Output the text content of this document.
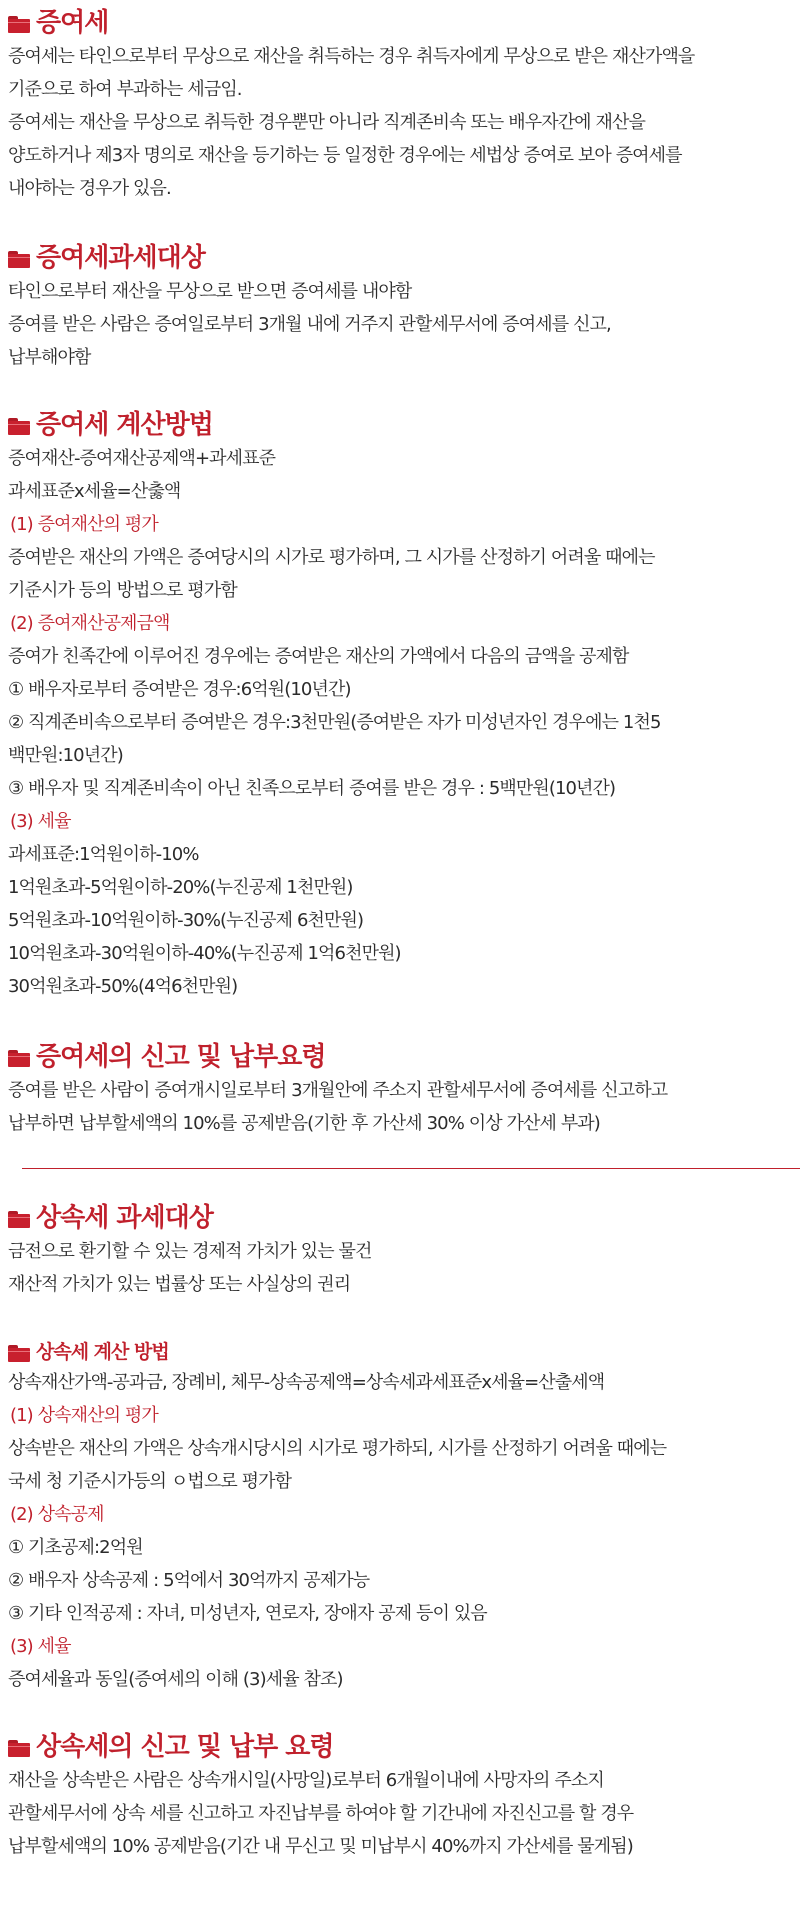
증여세
증여세는 타인으로부터 무상으로 재산을 취득하는 경우 취득자에게 무상으로 받은 재산가액을
기준으로 하여 부과하는 세금임.
증여세는 재산을 무상으로 취득한 경우뿐만 아니라 직계존비속 또는 배우자간에 재산을
양도하거나 제3자 명의로 재산을 등기하는 등 일정한 경우에는 세법상 증여로 보아 증여세를
내야하는 경우가 있음.
증여세과세대상
타인으로부터 재산을 무상으로 받으면 증여세를 내야함
증여를 받은 사람은 증여일로부터 3개월 내에 거주지 관할세무서에 증여세를 신고,
납부해야함
증여세 계산방법
증여재산-증여재산공제액+과세표준
과세표준x세율=산춣액
(1) 증여재산의 평가
증여받은 재산의 가액은 증여당시의 시가로 평가하며, 그 시가를 산정하기 어려울 때에는
기준시가 등의 방법으로 평가함
(2) 증여재산공제금액
증여가 친족간에 이루어진 경우에는 증여받은 재산의 가액에서 다음의 금액을 공제함
① 배우자로부터 증여받은 경우:6억원(10년간)
② 직계존비속으로부터 증여받은 경우:3천만원(증여받은 자가 미성년자인 경우에는 1천5
백만원:10년간)
③ 배우자 및 직계존비속이 아닌 친족으로부터 증여를 받은 경우 : 5백만원(10년간)
(3) 세율
과세표준:1억원이하-10%
1억원초과-5억원이하-20%(누진공제 1천만원)
5억원초과-10억원이하-30%(누진공제 6천만원)
10억원초과-30억원이하-40%(누진공제 1억6천만원)
30억원초과-50%(4억6천만원)
증여세의 신고 및 납부요령
증여를 받은 사람이 증여개시일로부터 3개월안에 주소지 관할세무서에 증여세를 신고하고
납부하면 납부할세액의 10%를 공제받음(기한 후 가산세 30% 이상 가산세 부과)
상속세 과세대상
금전으로 환기할 수 있는 경제적 가치가 있는 물건
재산적 가치가 있는 법률상 또는 사실상의 권리
상속세 계산 방법
상속재산가액-공과금, 장례비, 체무-상속공제액=상속세과세표준x세율=산출세액
(1) 상속재산의 평가
상속받은 재산의 가액은 상속개시당시의 시가로 평가하되, 시가를 산정하기 어려울 때에는
국세 청 기준시가등의 ㅇ법으로 평가함
(2) 상속공제
① 기초공제:2억원
② 배우자 상속공제 : 5억에서 30억까지 공제가능
③ 기타 인적공제 : 자녀, 미성년자, 연로자, 장애자 공제 등이 있음
(3) 세율
증여세율과 동일(증여세의 이해 (3)세율 참조)
상속세의 신고 및 납부 요령
재산을 상속받은 사람은 상속개시일(사망일)로부터 6개월이내에 사망자의 주소지
관할세무서에 상속 세를 신고하고 자진납부를 하여야 할 기간내에 자진신고를 할 경우
납부할세액의 10% 공제받음(기간 내 무신고 및 미납부시 40%까지 가산세를 물게됨)
